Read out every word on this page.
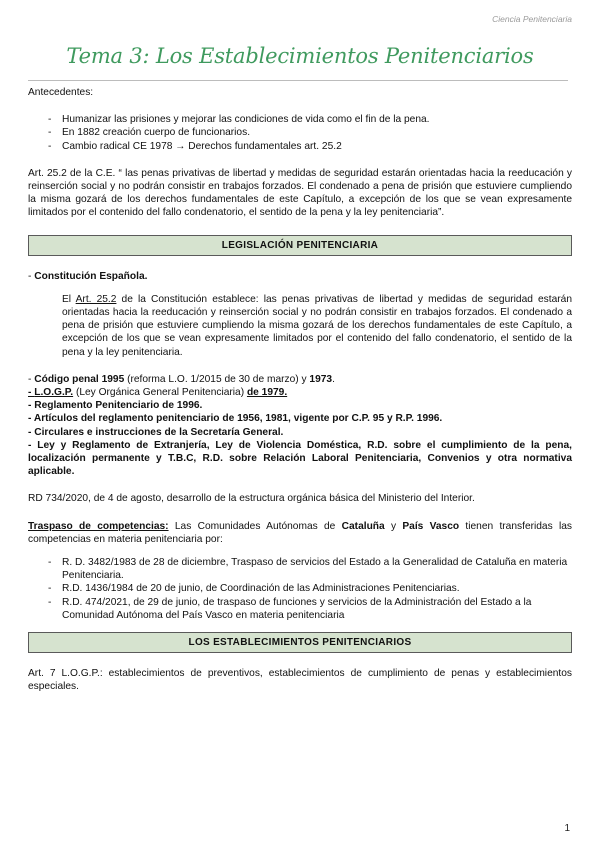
Ciencia Penitenciaria
Tema 3: Los Establecimientos Penitenciarios

Antecedentes:

- Humanizar las prisiones y mejorar las condiciones de vida como el fin de la pena.
- En 1882 creación cuerpo de funcionarios.
- Cambio radical CE 1978 → Derechos fundamentales art. 25.2

Art. 25.2 de la C.E. “ las penas privativas de libertad y medidas de seguridad estarán orientadas hacia la reeducación y reinserción social y no podrán consistir en trabajos forzados. El condenado a pena de prisión que estuviere cumpliendo la misma gozará de los derechos fundamentales de este Capítulo, a excepción de los que se vean expresamente limitados por el contenido del fallo condenatorio, el sentido de la pena y la ley penitenciaria”.

LEGISLACIÓN PENITENCIARIA

- Constitución Española.

El Art. 25.2 de la Constitución establece: las penas privativas de libertad y medidas de seguridad estarán orientadas hacia la reeducación y reinserción social y no podrán consistir en trabajos forzados. El condenado a pena de prisión que estuviere cumpliendo la misma gozará de los derechos fundamentales de este Capítulo, a excepción de los que se vean expresamente limitados por el contenido del fallo condenatorio, el sentido de la pena y la ley penitenciaria.

- Código penal 1995 (reforma L.O. 1/2015 de 30 de marzo) y 1973.

- L.O.G.P. (Ley Orgánica General Penitenciaria) de 1979.

- Reglamento Penitenciario de 1996.

- Artículos del reglamento penitenciario de 1956, 1981, vigente por C.P. 95 y R.P. 1996.

- Circulares e instrucciones de la Secretaría General.

- Ley y Reglamento de Extranjería, Ley de Violencia Doméstica, R.D. sobre el cumplimiento de la pena, localización permanente y T.B.C, R.D. sobre Relación Laboral Penitenciaria, Convenios y otra normativa aplicable.

RD 734/2020, de 4 de agosto, desarrollo de la estructura orgánica básica del Ministerio del Interior.

Traspaso de competencias: Las Comunidades Autónomas de Cataluña y País Vasco tienen transferidas las competencias en materia penitenciaria por:

- R. D. 3482/1983 de 28 de diciembre, Traspaso de servicios del Estado a la Generalidad de Cataluña en materia Penitenciaria.
- R.D. 1436/1984 de 20 de junio, de Coordinación de las Administraciones Penitenciarias.
- R.D. 474/2021, de 29 de junio, de traspaso de funciones y servicios de la Administración del Estado a la Comunidad Autónoma del País Vasco en materia penitenciaria
LOS ESTABLECIMIENTOS PENITENCIARIOS

Art. 7 L.O.G.P.: establecimientos de preventivos, establecimientos de cumplimiento de penas y establecimientos especiales.

1
